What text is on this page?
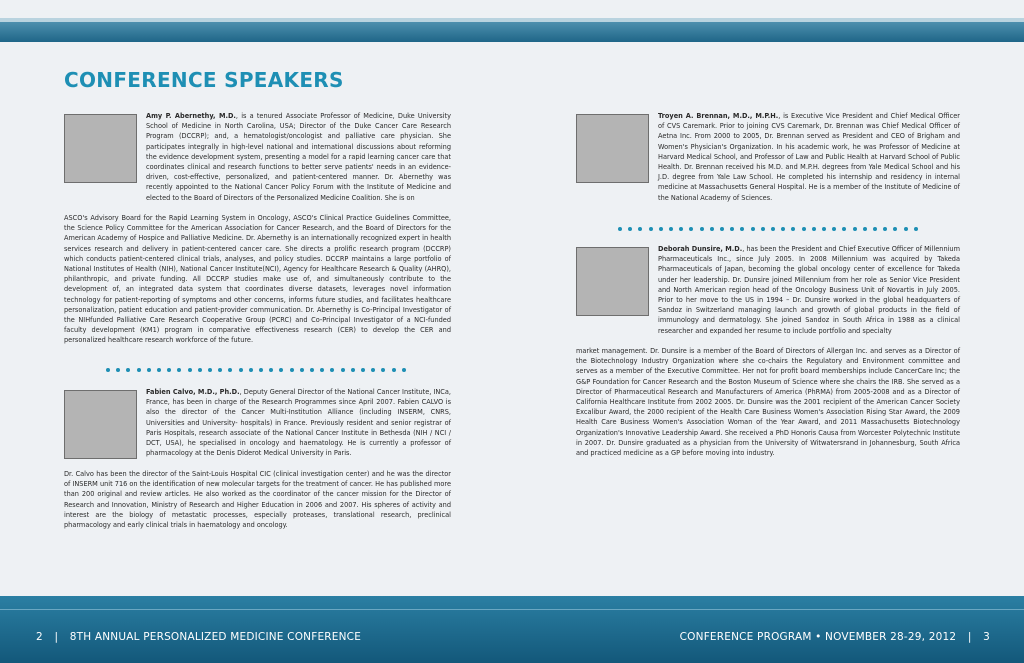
CONFERENCE SPEAKERS

Amy P. Abernethy, M.D., is a tenured Associate Professor of Medicine, Duke University School of Medicine in North Carolina, USA; Director of the Duke Cancer Care Research Program (DCCRP); and, a hematologist/oncologist and palliative care physician. She participates integrally in high-level national and international discussions about reforming the evidence development system, presenting a model for a rapid learning cancer care that coordinates clinical and research functions to better serve patients' needs in an evidence-driven, cost-effective, personalized, and patient-centered manner. Dr. Abernethy was recently appointed to the National Cancer Policy Forum with the Institute of Medicine and elected to the Board of Directors of the Personalized Medicine Coalition. She is on

ASCO's Advisory Board for the Rapid Learning System in Oncology, ASCO's Clinical Practice Guidelines Committee, the Science Policy Committee for the American Association for Cancer Research, and the Board of Directors for the American Academy of Hospice and Palliative Medicine. Dr. Abernethy is an internationally recognized expert in health services research and delivery in patient-centered cancer care. She directs a prolific research program (DCCRP) which conducts patient-centered clinical trials, analyses, and policy studies. DCCRP maintains a large portfolio of National Institutes of Health (NIH), National Cancer Institute(NCI), Agency for Healthcare Research & Quality (AHRQ), philanthropic, and private funding. All DCCRP studies make use of, and simultaneously contribute to the development of, an integrated data system that coordinates diverse datasets, leverages novel information technology for patient-reporting of symptoms and other concerns, informs future studies, and facilitates healthcare personalization, patient education and patient-provider communication. Dr. Abernethy is Co-Principal Investigator of the NIHfunded Palliative Care Research Cooperative Group (PCRC) and Co-Principal Investigator of a NCI-funded faculty development (KM1) program in comparative effectiveness research (CER) to develop the CER and personalized healthcare research workforce of the future.

Fabien Calvo, M.D., Ph.D., Deputy General Director of the National Cancer Institute, INCa, France, has been in charge of the Research Programmes since April 2007. Fabien CALVO is also the director of the Cancer Multi-Institution Alliance (including INSERM, CNRS, Universities and University- hospitals) in France. Previously resident and senior registrar of Paris Hospitals, research associate of the National Cancer Institute in Bethesda (NIH / NCI / DCT, USA), he specialised in oncology and haematology. He is currently a professor of pharmacology at the Denis Diderot Medical University in Paris.

Dr. Calvo has been the director of the Saint-Louis Hospital CIC (clinical investigation center) and he was the director of INSERM unit 716 on the identification of new molecular targets for the treatment of cancer. He has published more than 200 original and review articles. He also worked as the coordinator of the cancer mission for the Director of Research and Innovation, Ministry of Research and Higher Education in 2006 and 2007. His spheres of activity and interest are the biology of metastatic processes, especially proteases, translational research, preclinical pharmacology and early clinical trials in haematology and oncology.

Troyen A. Brennan, M.D., M.P.H., is Executive Vice President and Chief Medical Officer of CVS Caremark. Prior to joining CVS Caremark, Dr. Brennan was Chief Medical Officer of Aetna Inc. From 2000 to 2005, Dr. Brennan served as President and CEO of Brigham and Women's Physician's Organization. In his academic work, he was Professor of Medicine at Harvard Medical School, and Professor of Law and Public Health at Harvard School of Public Health. Dr. Brennan received his M.D. and M.P.H. degrees from Yale Medical School and his J.D. degree from Yale Law School. He completed his internship and residency in internal medicine at Massachusetts General Hospital. He is a member of the Institute of Medicine of the National Academy of Sciences.

Deborah Dunsire, M.D., has been the President and Chief Executive Officer of Millennium Pharmaceuticals Inc., since July 2005. In 2008 Millennium was acquired by Takeda Pharmaceuticals of Japan, becoming the global oncology center of excellence for Takeda under her leadership. Dr. Dunsire joined Millennium from her role as Senior Vice President and North American region head of the Oncology Business Unit of Novartis in July 2005. Prior to her move to the US in 1994 – Dr. Dunsire worked in the global headquarters of Sandoz in Switzerland managing launch and growth of global products in the field of immunology and dermatology. She joined Sandoz in South Africa in 1988 as a clinical researcher and expanded her resume to include portfolio and specialty

market management. Dr. Dunsire is a member of the Board of Directors of Allergan Inc. and serves as a Director of the Biotechnology Industry Organization where she co-chairs the Regulatory and Environment committee and serves as a member of the Executive Committee. Her not for profit board memberships include CancerCare Inc; the G&P Foundation for Cancer Research and the Boston Museum of Science where she chairs the IRB. She served as a Director of Pharmaceutical Research and Manufacturers of America (PhRMA) from 2005-2008 and as a Director of California Healthcare Institute from 2002 2005. Dr. Dunsire was the 2001 recipient of the American Cancer Society Excalibur Award, the 2000 recipient of the Health Care Business Women's Association Rising Star Award, the 2009 Health Care Business Women's Association Woman of the Year Award, and 2011 Massachusetts Biotechnology Organization's Innovative Leadership Award. She received a PhD Honoris Causa from Worcester Polytechnic Institute in 2007. Dr. Dunsire graduated as a physician from the University of Witwatersrand in Johannesburg, South Africa and practiced medicine as a GP before moving into industry.

2 | 8TH ANNUAL PERSONALIZED MEDICINE CONFERENCE	CONFERENCE PROGRAM • NOVEMBER 28-29, 2012 | 3
